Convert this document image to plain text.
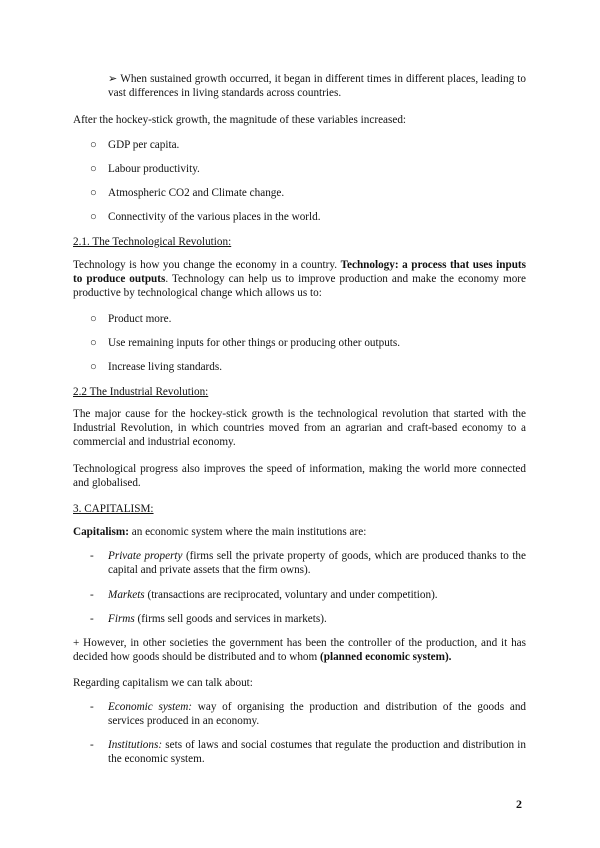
➢ When sustained growth occurred, it began in different times in different places, leading to vast differences in living standards across countries.
After the hockey-stick growth, the magnitude of these variables increased:
○ GDP per capita.
○ Labour productivity.
○ Atmospheric CO2 and Climate change.
○ Connectivity of the various places in the world.
2.1. The Technological Revolution:
Technology is how you change the economy in a country. Technology: a process that uses inputs to produce outputs. Technology can help us to improve production and make the economy more productive by technological change which allows us to:
○ Product more.
○ Use remaining inputs for other things or producing other outputs.
○ Increase living standards.
2.2 The Industrial Revolution:
The major cause for the hockey-stick growth is the technological revolution that started with the Industrial Revolution, in which countries moved from an agrarian and craft-based economy to a commercial and industrial economy.
Technological progress also improves the speed of information, making the world more connected and globalised.
3. CAPITALISM:
Capitalism: an economic system where the main institutions are:
- Private property (firms sell the private property of goods, which are produced thanks to the capital and private assets that the firm owns).
- Markets (transactions are reciprocated, voluntary and under competition).
- Firms (firms sell goods and services in markets).
+ However, in other societies the government has been the controller of the production, and it has decided how goods should be distributed and to whom (planned economic system).
Regarding capitalism we can talk about:
- Economic system: way of organising the production and distribution of the goods and services produced in an economy.
- Institutions: sets of laws and social costumes that regulate the production and distribution in the economic system.
2
